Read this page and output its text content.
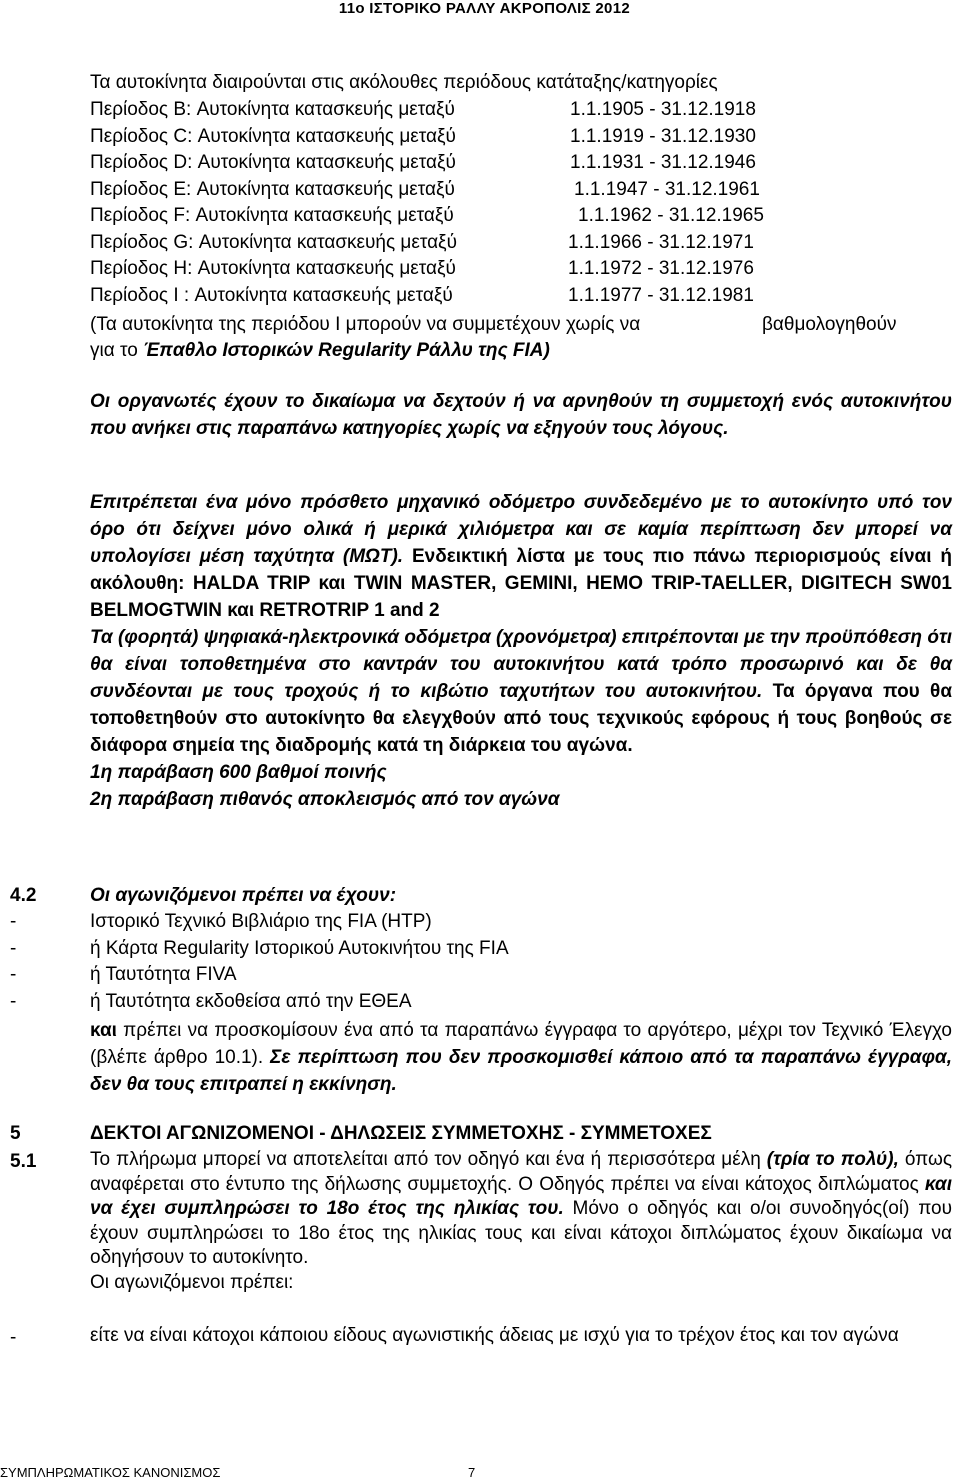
11ο ΙΣΤΟΡΙΚΟ ΡΑΛΛΥ ΑΚΡΟΠΟΛΙΣ 2012
Τα αυτοκίνητα διαιρούνται στις ακόλουθες περιόδους κατάταξης/κατηγορίες
Περίοδος B: Αυτοκίνητα κατασκευής μεταξύ	1.1.1905 - 31.12.1918
Περίοδος C: Αυτοκίνητα κατασκευής μεταξύ	1.1.1919 - 31.12.1930
Περίοδος D: Αυτοκίνητα κατασκευής μεταξύ	1.1.1931 - 31.12.1946
Περίοδος E: Αυτοκίνητα κατασκευής μεταξύ	1.1.1947 - 31.12.1961
Περίοδος F: Αυτοκίνητα κατασκευής μεταξύ	1.1.1962 - 31.12.1965
Περίοδος G: Αυτοκίνητα κατασκευής μεταξύ	1.1.1966 - 31.12.1971
Περίοδος H: Αυτοκίνητα κατασκευής μεταξύ	1.1.1972 - 31.12.1976
Περίοδος I : Αυτοκίνητα κατασκευής μεταξύ	1.1.1977 - 31.12.1981
(Τα αυτοκίνητα της περιόδου Ι μπορούν να συμμετέχουν χωρίς να	βαθμολογηθούν
για το Έπαθλο Ιστορικών Regularity Ράλλυ της FIA)
Οι οργανωτές έχουν το δικαίωμα να δεχτούν ή να αρνηθούν τη συμμετοχή ενός αυτοκινήτου που ανήκει στις παραπάνω κατηγορίες χωρίς να εξηγούν τους λόγους.
Επιτρέπεται ένα μόνο πρόσθετο μηχανικό οδόμετρο συνδεδεμένο με το αυτοκίνητο υπό τον όρο ότι δείχνει μόνο ολικά ή μερικά χιλιόμετρα και σε καμία περίπτωση δεν μπορεί να υπολογίσει μέση ταχύτητα (ΜΩΤ). Ενδεικτική λίστα με τους πιο πάνω περιορισμούς είναι ή ακόλουθη: HALDA TRIP και TWIN MASTER, GEMINI, HEMO TRIP-TAELLER, DIGITECH SW01 BELMOGTWIN και RETROTRIP 1 and 2
Τα (φορητά) ψηφιακά-ηλεκτρονικά οδόμετρα (χρονόμετρα) επιτρέπονται με την προϋπόθεση ότι θα είναι τοποθετημένα στο καντράν του αυτοκινήτου κατά τρόπο προσωρινό και δε θα συνδέονται με τους τροχούς ή το κιβώτιο ταχυτήτων του αυτοκινήτου. Τα όργανα που θα τοποθετηθούν στο αυτοκίνητο θα ελεγχθούν από τους τεχνικούς εφόρους ή τους βοηθούς σε διάφορα σημεία της διαδρομής κατά τη διάρκεια του αγώνα.
1η παράβαση 600 βαθμοί ποινής
2η παράβαση πιθανός αποκλεισμός από τον αγώνα
4.2	Οι αγωνιζόμενοι πρέπει να έχουν:
-	Ιστορικό Τεχνικό Βιβλιάριο της FIA (HTP)
-	ή Κάρτα Regularity Ιστορικού Αυτοκινήτου της FIA
-	ή Ταυτότητα FIVA
-	ή Ταυτότητα εκδοθείσα από την ΕΘΕΑ
και πρέπει να προσκομίσουν ένα από τα παραπάνω έγγραφα το αργότερο, μέχρι τον Τεχνικό Έλεγχο (βλέπε άρθρο 10.1). Σε περίπτωση που δεν προσκομισθεί κάποιο από τα παραπάνω έγγραφα, δεν θα τους επιτραπεί η εκκίνηση.
5	ΔΕΚΤΟΙ ΑΓΩΝΙΖΟΜΕΝΟΙ - ΔΗΛΩΣΕΙΣ ΣΥΜΜΕΤΟΧΗΣ - ΣΥΜΜΕΤΟΧΕΣ
5.1	Το πλήρωμα μπορεί να αποτελείται από τον οδηγό και ένα ή περισσότερα μέλη (τρία το πολύ), όπως αναφέρεται στο έντυπο της δήλωσης συμμετοχής. Ο Οδηγός πρέπει να είναι κάτοχος διπλώματος και να έχει συμπληρώσει το 18ο έτος της ηλικίας του. Μόνο ο οδηγός και ο/οι συνοδηγός(οί) που έχουν συμπληρώσει το 18ο έτος της ηλικίας τους και είναι κάτοχοι διπλώματος έχουν δικαίωμα να οδηγήσουν το αυτοκίνητο.
Οι αγωνιζόμενοι πρέπει:
-	είτε να είναι κάτοχοι κάποιου είδους αγωνιστικής άδειας με ισχύ για το τρέχον έτος και τον αγώνα
ΣΥΜΠΛΗΡΩΜΑΤΙΚΟΣ ΚΑΝΟΝΙΣΜΟΣ	7
